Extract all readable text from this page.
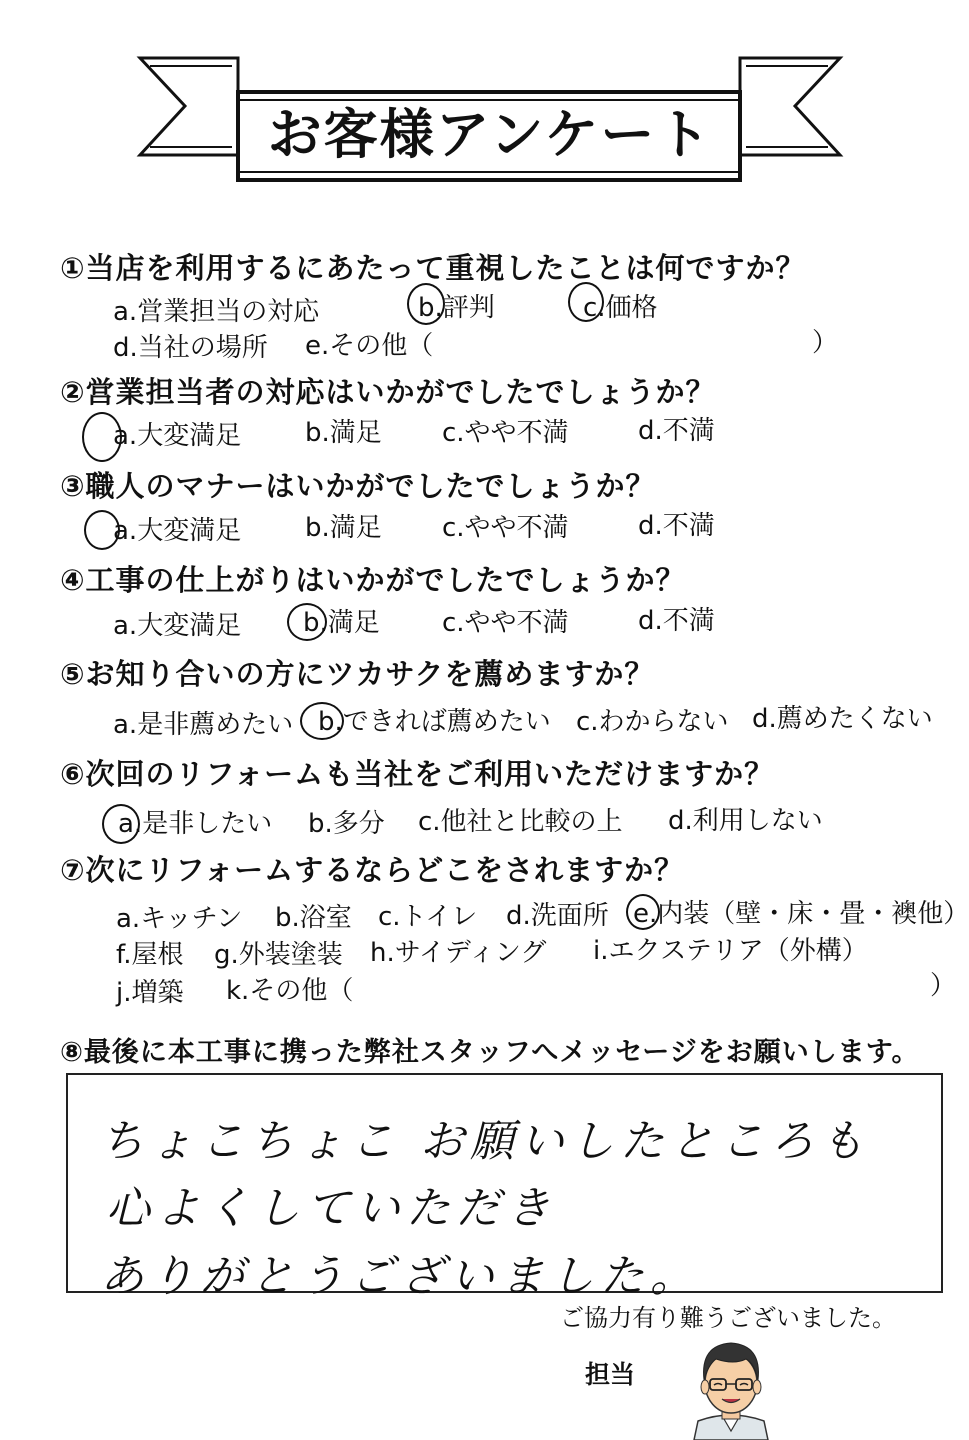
お客様アンケート
①当店を利用するにあたって重視したことは何ですか？
a.営業担当の対応	b.評判	c.価格
d.当社の場所 e.その他（	）
②営業担当者の対応はいかがでしたでしょうか？
a.大変満足 b.満足 c.やや不満	d.不満
③職人のマナーはいかがでしたでしょうか？
a.大変満足 b.満足 c.やや不満	d.不満
④工事の仕上がりはいかがでしたでしょうか？
a.大変満足 b.満足 c.やや不満	d.不満
⑤お知り合いの方にツカサクを薦めますか？
a.是非薦めたい b.できれば薦めたい c.わからない d.薦めたくない
⑥次回のリフォームも当社をご利用いただけますか？
a.是非したい b.多分 c.他社と比較の上 d.利用しない
⑦次にリフォームするならどこをされますか？
a.キッチン b.浴室 c.トイレ d.洗面所 e.内装（壁・床・畳・襖他）
f.屋根 g.外装塗装 h.サイディング i.エクステリア（外構）
j.増築 k.その他（	）
⑧最後に本工事に携った弊社スタッフへメッセージをお願いします。
ちょこちょこ お願いしたところも
心よくしていただき
ありがとうございました。
ご協力有り難うございました。
担当
